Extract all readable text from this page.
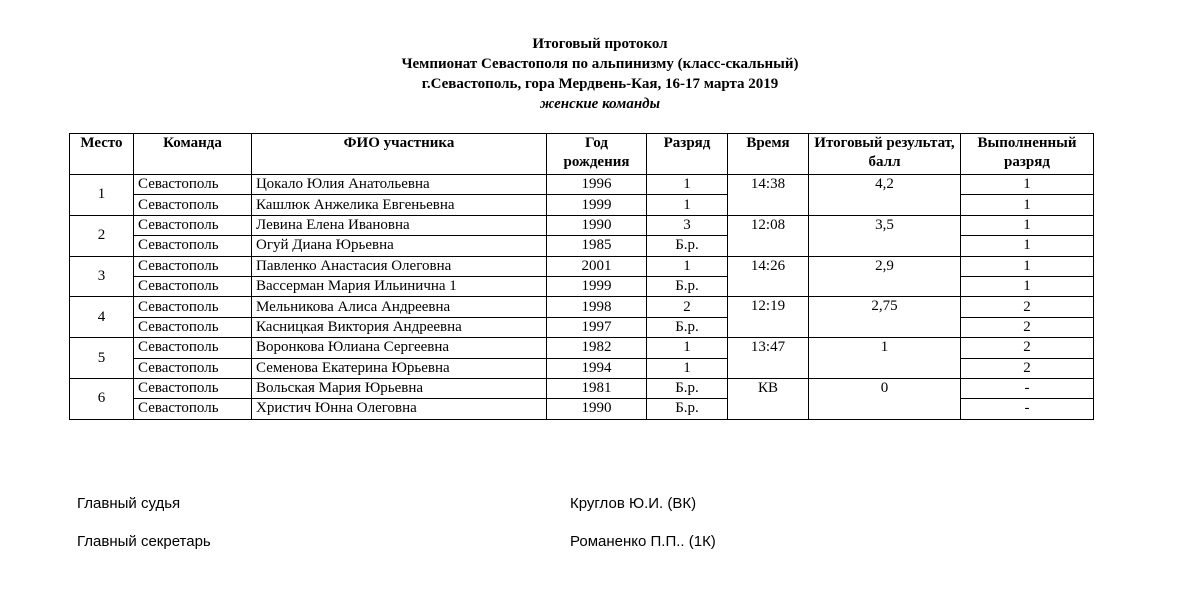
Итоговый протокол
Чемпионат Севастополя по альпинизму (класс-скальный)
г.Севастополь, гора Мердвень-Кая, 16-17 марта 2019
женские команды
Место	Команда	ФИО участника	Год рождения	Разряд	Время	Итоговый результат, балл	Выполненный разряд
1	Севастополь	Цокало Юлия Анатольевна	1996	1	14:38	4,2	1
	Севастополь	Кашлюк Анжелика Евгеньевна	1999	1			1
2	Севастополь	Левина Елена Ивановна	1990	3	12:08	3,5	1
	Севастополь	Огуй Диана Юрьевна	1985	Б.р.			1
3	Севастополь	Павленко Анастасия Олеговна	2001	1	14:26	2,9	1
	Севастополь	Вассерман Мария Ильинична 1	1999	Б.р.			1
4	Севастополь	Мельникова Алиса Андреевна	1998	2	12:19	2,75	2
	Севастополь	Касницкая Виктория Андреевна	1997	Б.р.			2
5	Севастополь	Воронкова Юлиана Сергеевна	1982	1	13:47	1	2
	Севастополь	Семенова Екатерина Юрьевна	1994	1			2
6	Севастополь	Вольская Мария Юрьевна	1981	Б.р.	КВ	0	-
	Севастополь	Христич Юнна Олеговна	1990	Б.р.			-
Главный судья	Круглов Ю.И. (ВК)
Главный секретарь	Романенко П.П.. (1К)
